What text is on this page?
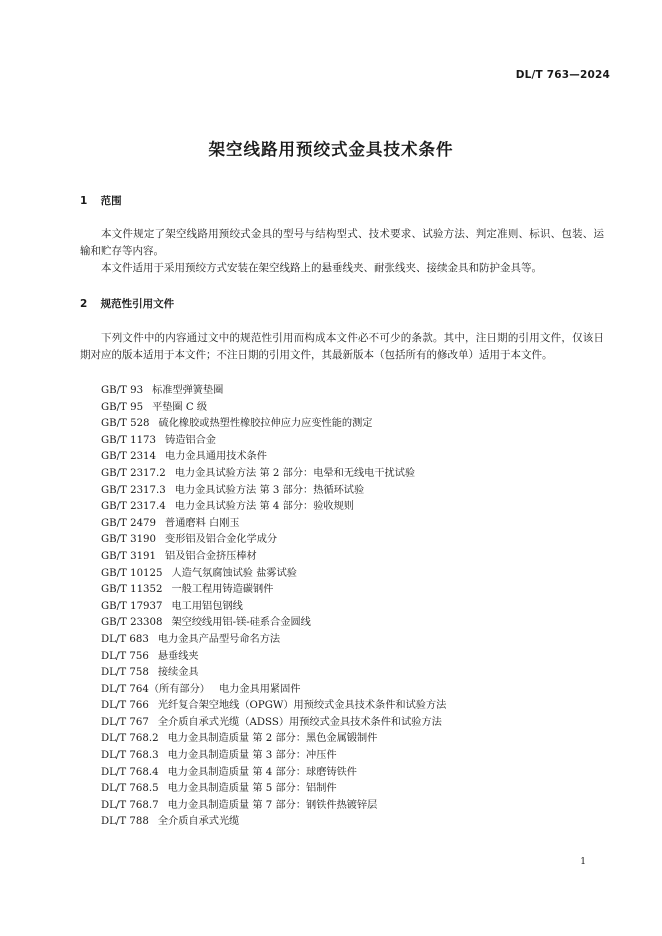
DL/T 763—2024
架空线路用预绞式金具技术条件
1 范围

本文件规定了架空线路用预绞式金具的型号与结构型式、技术要求、试验方法、判定准则、标识、包装、运输和贮存等内容。

本文件适用于采用预绞方式安装在架空线路上的悬垂线夹、耐张线夹、接续金具和防护金具等。

2 规范性引用文件

下列文件中的内容通过文中的规范性引用而构成本文件必不可少的条款。其中，注日期的引用文件，仅该日期对应的版本适用于本文件；不注日期的引用文件，其最新版本（包括所有的修改单）适用于本文件。

GB/T 93 标准型弹簧垫圈
GB/T 95 平垫圈 C 级
GB/T 528 硫化橡胶或热塑性橡胶拉伸应力应变性能的测定
GB/T 1173 铸造铝合金
GB/T 2314 电力金具通用技术条件
GB/T 2317.2 电力金具试验方法 第 2 部分：电晕和无线电干扰试验
GB/T 2317.3 电力金具试验方法 第 3 部分：热循环试验
GB/T 2317.4 电力金具试验方法 第 4 部分：验收规则
GB/T 2479 普通磨料 白刚玉
GB/T 3190 变形铝及铝合金化学成分
GB/T 3191 铝及铝合金挤压棒材
GB/T 10125 人造气氛腐蚀试验 盐雾试验
GB/T 11352 一般工程用铸造碳钢件
GB/T 17937 电工用铝包钢线
GB/T 23308 架空绞线用铝-镁-硅系合金圆线
DL/T 683 电力金具产品型号命名方法
DL/T 756 悬垂线夹
DL/T 758 接续金具
DL/T 764（所有部分） 电力金具用紧固件
DL/T 766 光纤复合架空地线（OPGW）用预绞式金具技术条件和试验方法
DL/T 767 全介质自承式光缆（ADSS）用预绞式金具技术条件和试验方法
DL/T 768.2 电力金具制造质量 第 2 部分：黑色金属锻制件
DL/T 768.3 电力金具制造质量 第 3 部分：冲压件
DL/T 768.4 电力金具制造质量 第 4 部分：球磨铸铁件
DL/T 768.5 电力金具制造质量 第 5 部分：铝制件
DL/T 768.7 电力金具制造质量 第 7 部分：钢铁件热镀锌层
DL/T 788 全介质自承式光缆
1
